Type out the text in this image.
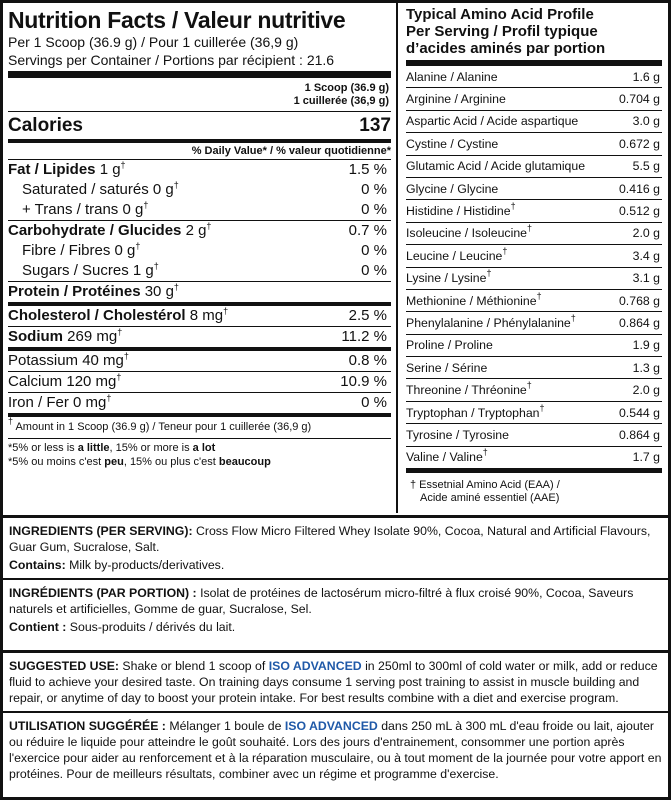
Nutrition Facts / Valeur nutritive
Per 1 Scoop (36.9 g) / Pour 1 cuillerée (36,9 g)
Servings per Container / Portions par récipient : 21.6
1 Scoop (36.9 g)
1 cuillerée (36,9 g)
Calories	137
% Daily Value* / % valeur quotidienne*
Fat / Lipides 1 g†	1.5 %
Saturated / saturés 0 g†	0 %
+ Trans / trans 0 g†	0 %
Carbohydrate / Glucides 2 g†	0.7 %
Fibre / Fibres 0 g†	0 %
Sugars / Sucres 1 g†	0 %
Protein / Protéines 30 g†
Cholesterol / Cholestérol 8 mg†	2.5 %
Sodium 269 mg†	11.2 %
Potassium 40 mg†	0.8 %
Calcium 120 mg†	10.9 %
Iron / Fer 0 mg†	0 %
† Amount in 1 Scoop (36.9 g) / Teneur pour 1 cuillerée (36,9 g)
*5% or less is a little, 15% or more is a lot
*5% ou moins c'est peu, 15% ou plus c'est beaucoup
Typical Amino Acid Profile
Per Serving / Profil typique
d’acides aminés par portion
Alanine / Alanine	1.6 g
Arginine / Arginine	0.704 g
Aspartic Acid / Acide aspartique	3.0 g
Cystine / Cystine	0.672 g
Glutamic Acid / Acide glutamique	5.5 g
Glycine / Glycine	0.416 g
Histidine / Histidine†	0.512 g
Isoleucine / Isoleucine†	2.0 g
Leucine / Leucine†	3.4 g
Lysine / Lysine†	3.1 g
Methionine / Méthionine†	0.768 g
Phenylalanine / Phénylalanine†	0.864 g
Proline / Proline	1.9 g
Serine / Sérine	1.3 g
Threonine / Thréonine†	2.0 g
Tryptophan / Tryptophan†	0.544 g
Tyrosine / Tyrosine	0.864 g
Valine / Valine†	1.7 g
† Essetnial Amino Acid (EAA) /
Acide aminé essentiel (AAE)
INGREDIENTS (PER SERVING): Cross Flow Micro Filtered Whey Isolate 90%, Cocoa, Natural and Artificial Flavours, Guar Gum, Sucralose, Salt.
Contains: Milk by-products/derivatives.
INGRÉDIENTS (PAR PORTION) : Isolat de protéines de lactosérum micro-filtré à flux croisé 90%, Cocoa, Saveurs naturels et artificielles, Gomme de guar, Sucralose, Sel.
Contient : Sous-produits / dérivés du lait.
SUGGESTED USE: Shake or blend 1 scoop of ISO ADVANCED in 250ml to 300ml of cold water or milk, add or reduce fluid to achieve your desired taste. On training days consume 1 serving post training to assist in muscle building and repair, or anytime of day to boost your protein intake. For best results combine with a diet and exercise program.
UTILISATION SUGGÉRÉE : Mélanger 1 boule de ISO ADVANCED dans 250 mL à 300 mL d'eau froide ou lait, ajouter ou réduire le liquide pour atteindre le goût souhaité. Lors des jours d'entrainement, consommer une portion après l'exercice pour aider au renforcement et à la réparation musculaire, ou à tout moment de la journée pour votre apport en protéines. Pour de meilleurs résultats, combiner avec un régime et programme d'exercise.
